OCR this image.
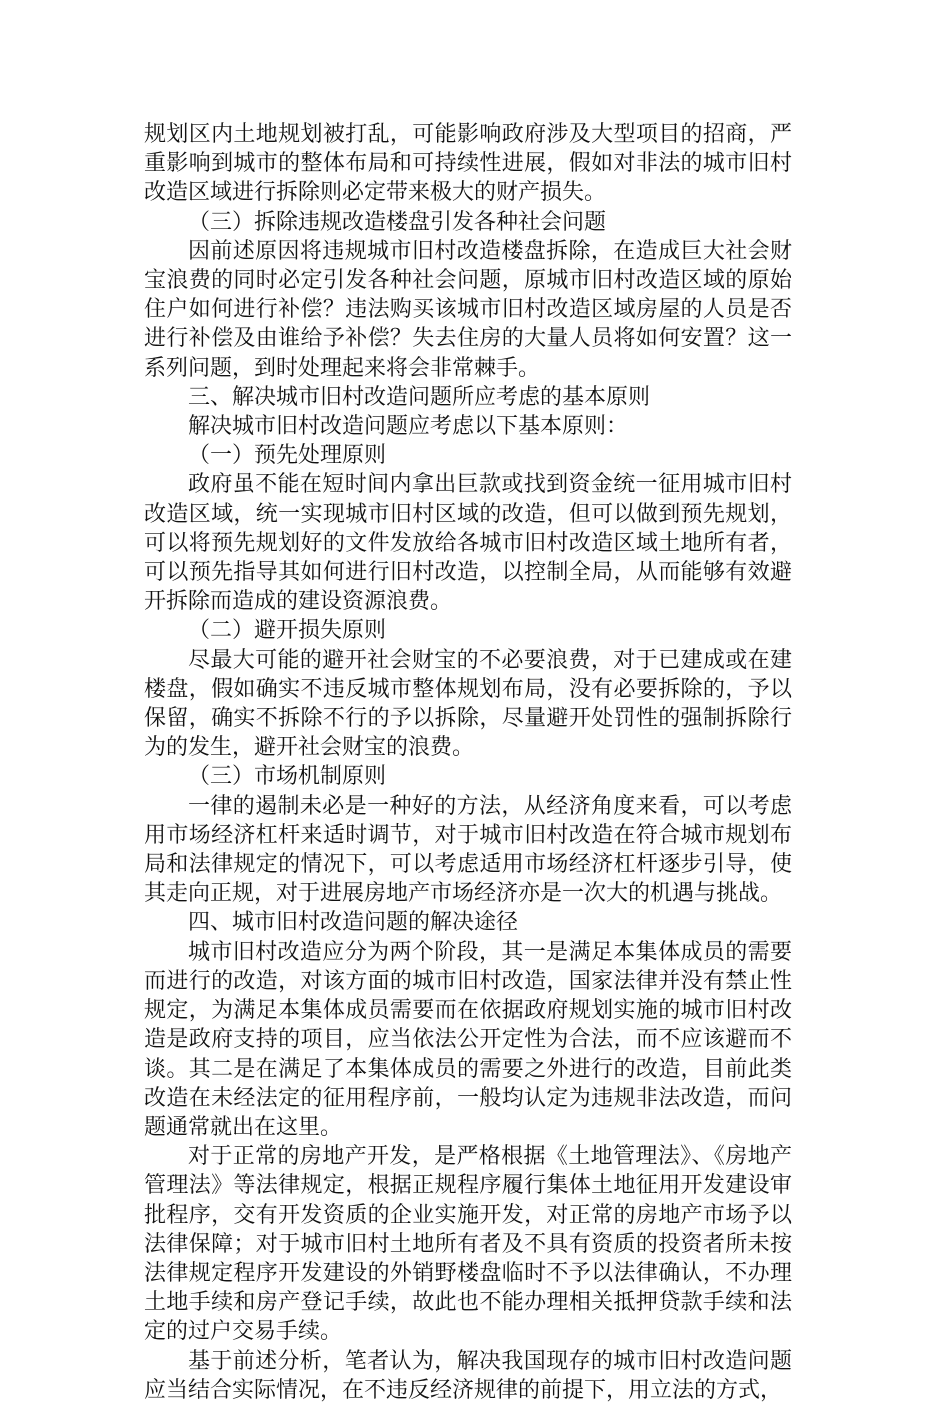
规划区内土地规划被打乱，可能影响政府涉及大型项目的招商，严重影响到城市的整体布局和可持续性进展，假如对非法的城市旧村改造区域进行拆除则必定带来极大的财产损失。

（三）拆除违规改造楼盘引发各种社会问题

因前述原因将违规城市旧村改造楼盘拆除，在造成巨大社会财宝浪费的同时必定引发各种社会问题，原城市旧村改造区域的原始住户如何进行补偿？违法购买该城市旧村改造区域房屋的人员是否进行补偿及由谁给予补偿？失去住房的大量人员将如何安置？这一系列问题，到时处理起来将会非常棘手。

三、解决城市旧村改造问题所应考虑的基本原则

解决城市旧村改造问题应考虑以下基本原则：

（一）预先处理原则

政府虽不能在短时间内拿出巨款或找到资金统一征用城市旧村改造区域，统一实现城市旧村区域的改造，但可以做到预先规划，可以将预先规划好的文件发放给各城市旧村改造区域土地所有者，可以预先指导其如何进行旧村改造，以控制全局，从而能够有效避开拆除而造成的建设资源浪费。

（二）避开损失原则

尽最大可能的避开社会财宝的不必要浪费，对于已建成或在建楼盘，假如确实不违反城市整体规划布局，没有必要拆除的，予以保留，确实不拆除不行的予以拆除，尽量避开处罚性的强制拆除行为的发生，避开社会财宝的浪费。

（三）市场机制原则

一律的遏制未必是一种好的方法，从经济角度来看，可以考虑用市场经济杠杆来适时调节，对于城市旧村改造在符合城市规划布局和法律规定的情况下，可以考虑适用市场经济杠杆逐步引导，使其走向正规，对于进展房地产市场经济亦是一次大的机遇与挑战。

四、城市旧村改造问题的解决途径

城市旧村改造应分为两个阶段，其一是满足本集体成员的需要而进行的改造，对该方面的城市旧村改造，国家法律并没有禁止性规定，为满足本集体成员需要而在依据政府规划实施的城市旧村改造是政府支持的项目，应当依法公开定性为合法，而不应该避而不谈。其二是在满足了本集体成员的需要之外进行的改造，目前此类改造在未经法定的征用程序前，一般均认定为违规非法改造，而问题通常就出在这里。

对于正常的房地产开发，是严格根据《土地管理法》、《房地产管理法》等法律规定，根据正规程序履行集体土地征用开发建设审批程序，交有开发资质的企业实施开发，对正常的房地产市场予以法律保障；对于城市旧村土地所有者及不具有资质的投资者所未按法律规定程序开发建设的外销野楼盘临时不予以法律确认，不办理土地手续和房产登记手续，故此也不能办理相关抵押贷款手续和法定的过户交易手续。

基于前述分析，笔者认为，解决我国现存的城市旧村改造问题应当结合实际情况，在不违反经济规律的前提下，用立法的方式，
